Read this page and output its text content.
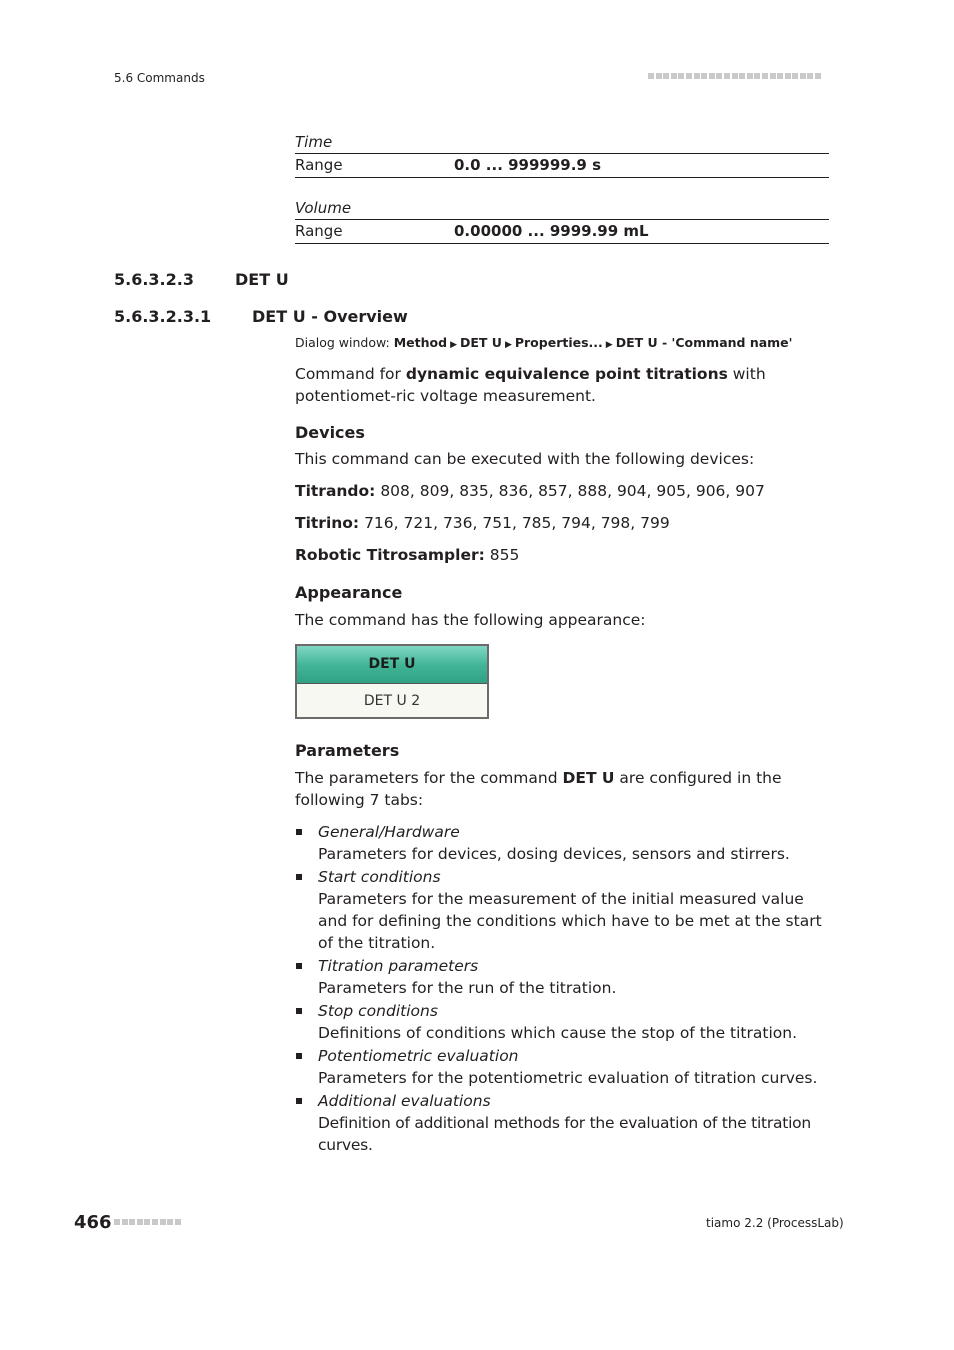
5.6 Commands
Time
Range	0.0 ... 999999.9 s
Volume
Range	0.00000 ... 9999.99 mL
5.6.3.2.3	DET U
5.6.3.2.3.1	DET U - Overview
Dialog window: Method ▶ DET U ▶ Properties... ▶ DET U - 'Command name'
Command for dynamic equivalence point titrations with potentiomet-ric voltage measurement.
Devices
This command can be executed with the following devices:
Titrando: 808, 809, 835, 836, 857, 888, 904, 905, 906, 907
Titrino: 716, 721, 736, 751, 785, 794, 798, 799
Robotic Titrosampler: 855
Appearance
The command has the following appearance:
DET U
DET U 2
Parameters
The parameters for the command DET U are configured in the following 7 tabs:
General/Hardware
Parameters for devices, dosing devices, sensors and stirrers.
Start conditions
Parameters for the measurement of the initial measured value and for defining the conditions which have to be met at the start of the titration.
Titration parameters
Parameters for the run of the titration.
Stop conditions
Definitions of conditions which cause the stop of the titration.
Potentiometric evaluation
Parameters for the potentiometric evaluation of titration curves.
Additional evaluations
Definition of additional methods for the evaluation of the titration curves.
466	tiamo 2.2 (ProcessLab)
